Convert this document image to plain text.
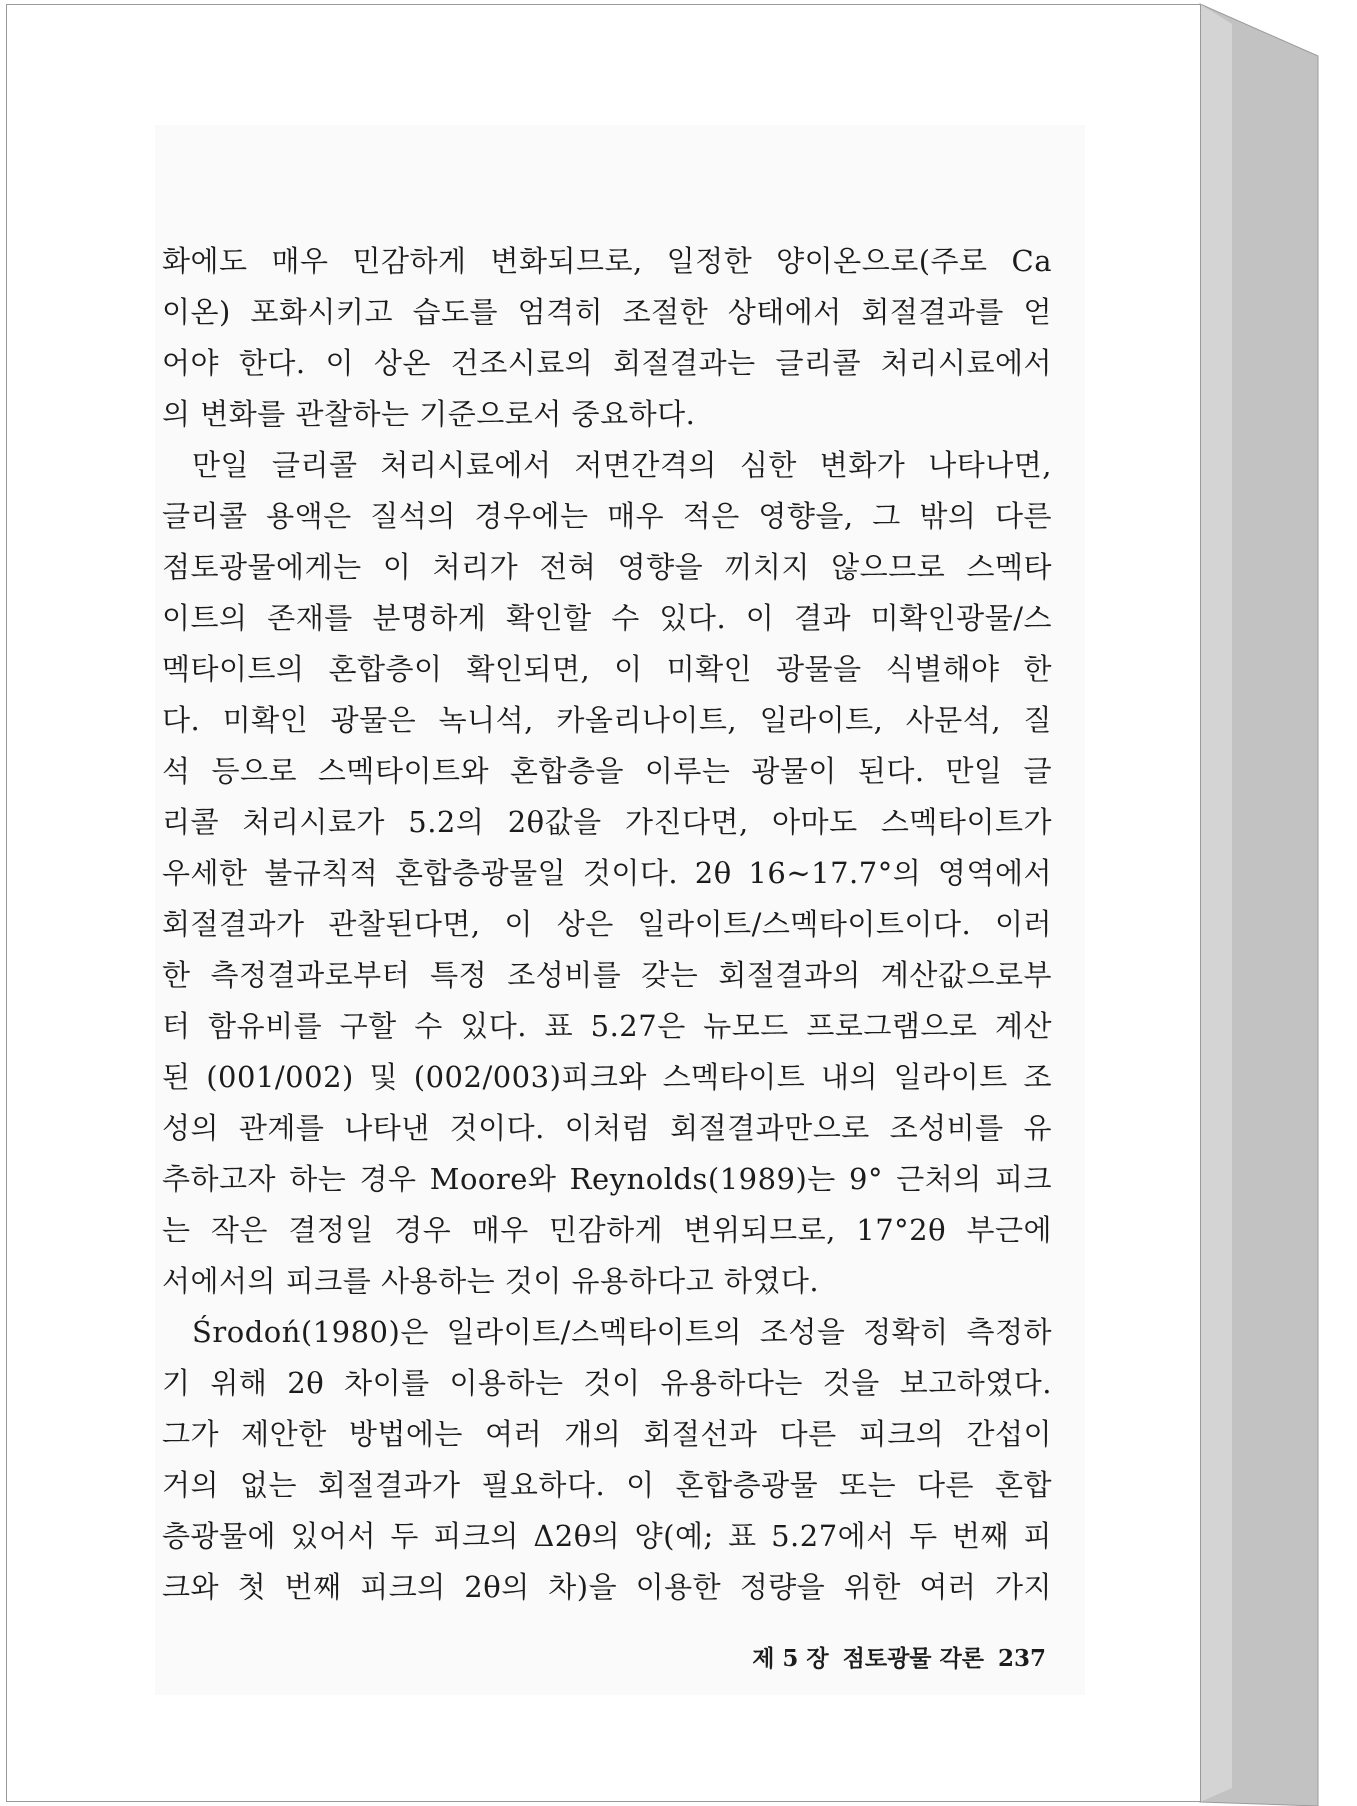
화에도 매우 민감하게 변화되므로, 일정한 양이온으로(주로 Ca
이온) 포화시키고 습도를 엄격히 조절한 상태에서 회절결과를 얻
어야 한다. 이 상온 건조시료의 회절결과는 글리콜 처리시료에서
의 변화를 관찰하는 기준으로서 중요하다.
만일 글리콜 처리시료에서 저면간격의 심한 변화가 나타나면,
글리콜 용액은 질석의 경우에는 매우 적은 영향을, 그 밖의 다른
점토광물에게는 이 처리가 전혀 영향을 끼치지 않으므로 스멕타
이트의 존재를 분명하게 확인할 수 있다. 이 결과 미확인광물/스
멕타이트의 혼합층이 확인되면, 이 미확인 광물을 식별해야 한
다. 미확인 광물은 녹니석, 카올리나이트, 일라이트, 사문석, 질
석 등으로 스멕타이트와 혼합층을 이루는 광물이 된다. 만일 글
리콜 처리시료가 5.2의 2θ값을 가진다면, 아마도 스멕타이트가
우세한 불규칙적 혼합층광물일 것이다. 2θ 16∼17.7°의 영역에서
회절결과가 관찰된다면, 이 상은 일라이트/스멕타이트이다. 이러
한 측정결과로부터 특정 조성비를 갖는 회절결과의 계산값으로부
터 함유비를 구할 수 있다. 표 5.27은 뉴모드 프로그램으로 계산
된 (001/002) 및 (002/003)피크와 스멕타이트 내의 일라이트 조
성의 관계를 나타낸 것이다. 이처럼 회절결과만으로 조성비를 유
추하고자 하는 경우 Moore와 Reynolds(1989)는 9° 근처의 피크
는 작은 결정일 경우 매우 민감하게 변위되므로, 17°2θ 부근에
서에서의 피크를 사용하는 것이 유용하다고 하였다.
Środoń(1980)은 일라이트/스멕타이트의 조성을 정확히 측정하
기 위해 2θ 차이를 이용하는 것이 유용하다는 것을 보고하였다.
그가 제안한 방법에는 여러 개의 회절선과 다른 피크의 간섭이
거의 없는 회절결과가 필요하다. 이 혼합층광물 또는 다른 혼합
층광물에 있어서 두 피크의 Δ2θ의 양(예; 표 5.27에서 두 번째 피
크와 첫 번째 피크의 2θ의 차)을 이용한 정량을 위한 여러 가지
제 5 장 점토광물 각론 237
